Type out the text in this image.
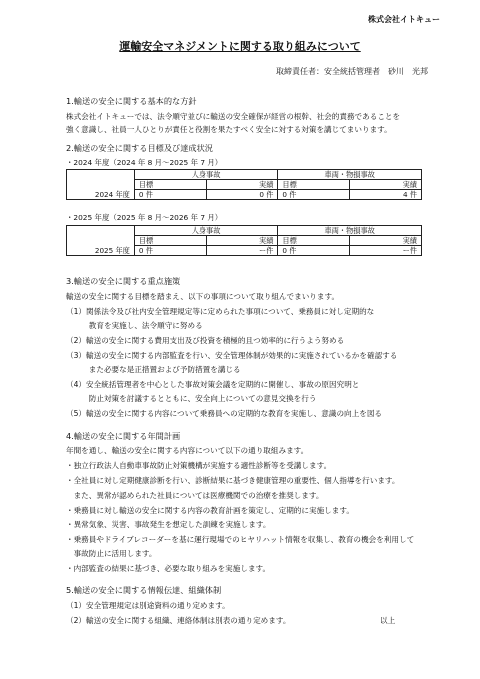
株式会社イトキュー
運輸安全マネジメントに関する取り組みについて
取締責任者：安全統括管理者　砂川　光邦
1.輸送の安全に関する基本的な方針
株式会社イトキューでは、法令順守並びに輸送の安全確保が経営の根幹、社会的責務であることを
強く意識し、社員一人ひとりが責任と役割を果たすべく安全に対する対策を講じてまいります。
2.輸送の安全に関する目標及び達成状況
・2024 年度（2024 年 8 月～2025 年 7 月）
	人身事故		車両・物損事故	
	目標	実績	目標	実績
2024 年度	0 件	0 件	0 件	4 件
・2025 年度（2025 年 8 月～2026 年 7 月）
	人身事故		車両・物損事故	
	目標	実績	目標	実績
2025 年度	0 件	ー件	0 件	ー件
3.輸送の安全に関する重点施策
輸送の安全に関する目標を踏まえ、以下の事項について取り組んでまいります。
（1）関係法令及び社内安全管理規定等に定められた事項について、乗務員に対し定期的な
　　　教育を実施し、法令順守に努める
（2）輸送の安全に関する費用支出及び投資を積極的且つ効率的に行うよう努める
（3）輸送の安全に関する内部監査を行い、安全管理体制が効果的に実施されているかを確認する
　　　また必要な是正措置および予防措置を講じる
（4）安全統括管理者を中心とした事故対策会議を定期的に開催し、事故の原因究明と
　　　防止対策を討議するとともに、安全向上についての意見交換を行う
（5）輸送の安全に関する内容について乗務員への定期的な教育を実施し、意識の向上を図る
4.輸送の安全に関する年間計画
年間を通し、輸送の安全に関する内容について以下の通り取組みます。
・独立行政法人自動車事故防止対策機構が実施する適性診断等を受講します。
・全社員に対し定期健康診断を行い、診断結果に基づき健康管理の重要性、個人指導を行います。
　また、異常が認められた社員については医療機関での治療を推奨します。
・乗務員に対し輸送の安全に関する内容の教育計画を策定し、定期的に実施します。
・異常気象、災害、事故発生を想定した訓練を実施します。
・乗務員やドライブレコーダーを基に運行現場でのヒヤリハット情報を収集し、教育の機会を利用して
　事故防止に活用します。
・内部監査の結果に基づき、必要な取り組みを実施します。
5.輸送の安全に関する情報伝達、組織体制
（1）安全管理規定は別途資料の通り定めます。
（2）輸送の安全に関する組織、連絡体制は別表の通り定めます。	以上
